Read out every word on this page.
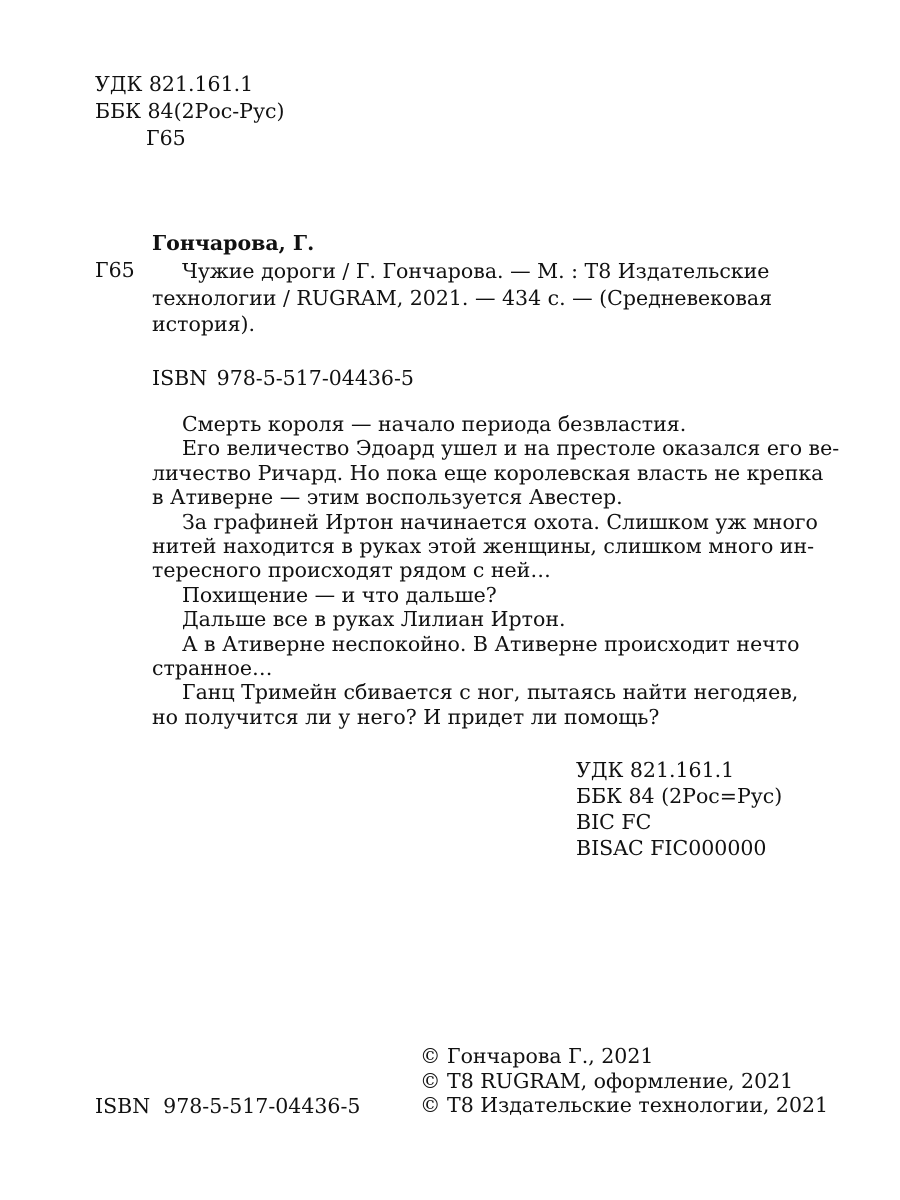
УДК 821.161.1
ББК 84(2Рос-Рус)
Г65
Гончарова, Г.
Г65	Чужие дороги / Г. Гончарова. — М. : Т8 Издательские
технологии / RUGRAM, 2021. — 434 с. — (Средневековая
история).
ISBN 978-5-517-04436-5
Смерть короля — начало периода безвластия.
Его величество Эдоард ушел и на престоле оказался его ве-
личество Ричард. Но пока еще королевская власть не крепка
в Ативерне — этим воспользуется Авестер.
За графиней Иртон начинается охота. Слишком уж много
нитей находится в руках этой женщины, слишком много ин-
тересного происходят рядом с ней…
Похищение — и что дальше?
Дальше все в руках Лилиан Иртон.
А в Ативерне неспокойно. В Ативерне происходит нечто
странное…
Ганц Тримейн сбивается с ног, пытаясь найти негодяев,
но получится ли у него? И придет ли помощь?
УДК 821.161.1
ББК 84 (2Рос=Рус)
BIC FC
BISAC FIC000000
ISBN  978-5-517-04436-5
© Гончарова Г., 2021
© Т8 RUGRAM, оформление, 2021
© Т8 Издательские технологии, 2021
